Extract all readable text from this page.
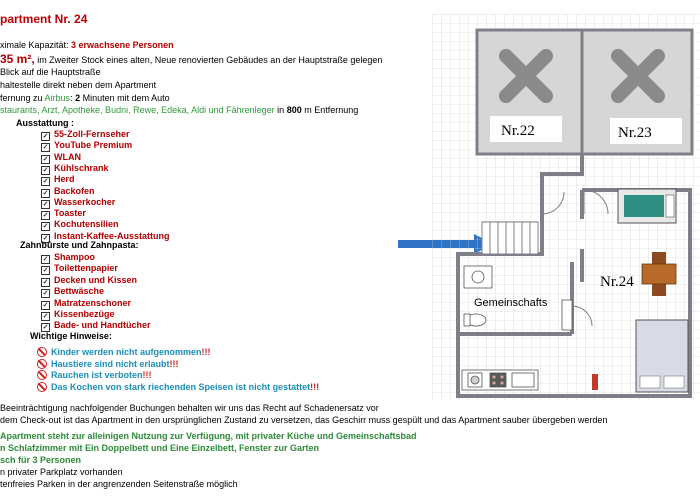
partment Nr. 24
ximale Kapazität: 3 erwachsene Personen
35 m², im Zweiter Stock eines alten, Neue renovierten Gebäudes an der Hauptstraße gelegen
Blick auf die Hauptstraße
haltestelle direkt neben dem Apartment
fernung zu Airbus: 2 Minuten mit dem Auto
staurants, Arzt, Apotheke, Budni, Rewe, Edeka, Aldi und Fährenleger in 800 m Entfernung
Ausstattung :
✓ 55-Zoll-Fernseher
✓ YouTube Premium
✓ WLAN
✓ Kühlschrank
✓ Herd
✓ Backofen
✓ Wasserkocher
✓ Toaster
✓ Kochutensilien
✓ Instant-Kaffee-Ausstattung
Zahnbürste und Zahnpasta:
✓ Shampoo
✓ Toilettenpapier
✓ Decken und Kissen
✓ Bettwäsche
✓ Matratzenschoner
✓ Kissenbezüge
✓ Bade- und Handtücher
Wichtige Hinweise:
Kinder werden nicht aufgenommen!!!
Haustiere sind nicht erlaubt!!!
Rauchen ist verboten!!!
Das Kochen von stark riechenden Speisen ist nicht gestattet!!!
Beeinträchtigung nachfolgender Buchungen behalten wir uns das Recht auf Schadenersatz vor
dem Check-out ist das Apartment in den ursprünglichen Zustand zu versetzen, das Geschirr muss gespült und das Apartment sauber übergeben werden
Apartment steht zur alleinigen Nutzung zur Verfügung, mit privater Küche und Gemeinschaftsbad
n Schlafzimmer mit Ein Doppelbett und Eine Einzelbett, Fenster zur Garten
sch für 3 Personen
n privater Parkplatz vorhanden
tenfreies Parken in der angrenzenden Seitenstraße möglich
Nr.22	Nr.23
Gemeinschafts
Nr.24
